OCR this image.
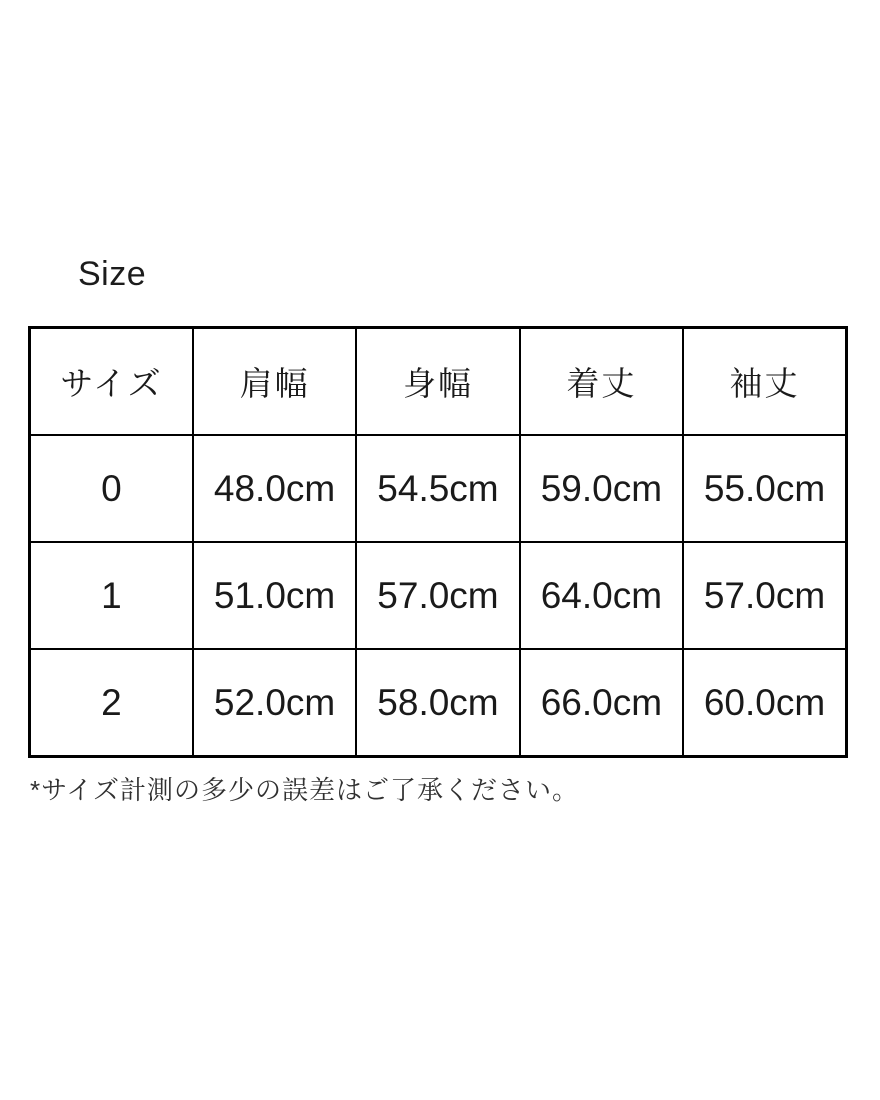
Size
サイズ	肩幅	身幅	着丈	袖丈
0	48.0cm	54.5cm	59.0cm	55.0cm
1	51.0cm	57.0cm	64.0cm	57.0cm
2	52.0cm	58.0cm	66.0cm	60.0cm
*サイズ計測の多少の誤差はご了承ください。
